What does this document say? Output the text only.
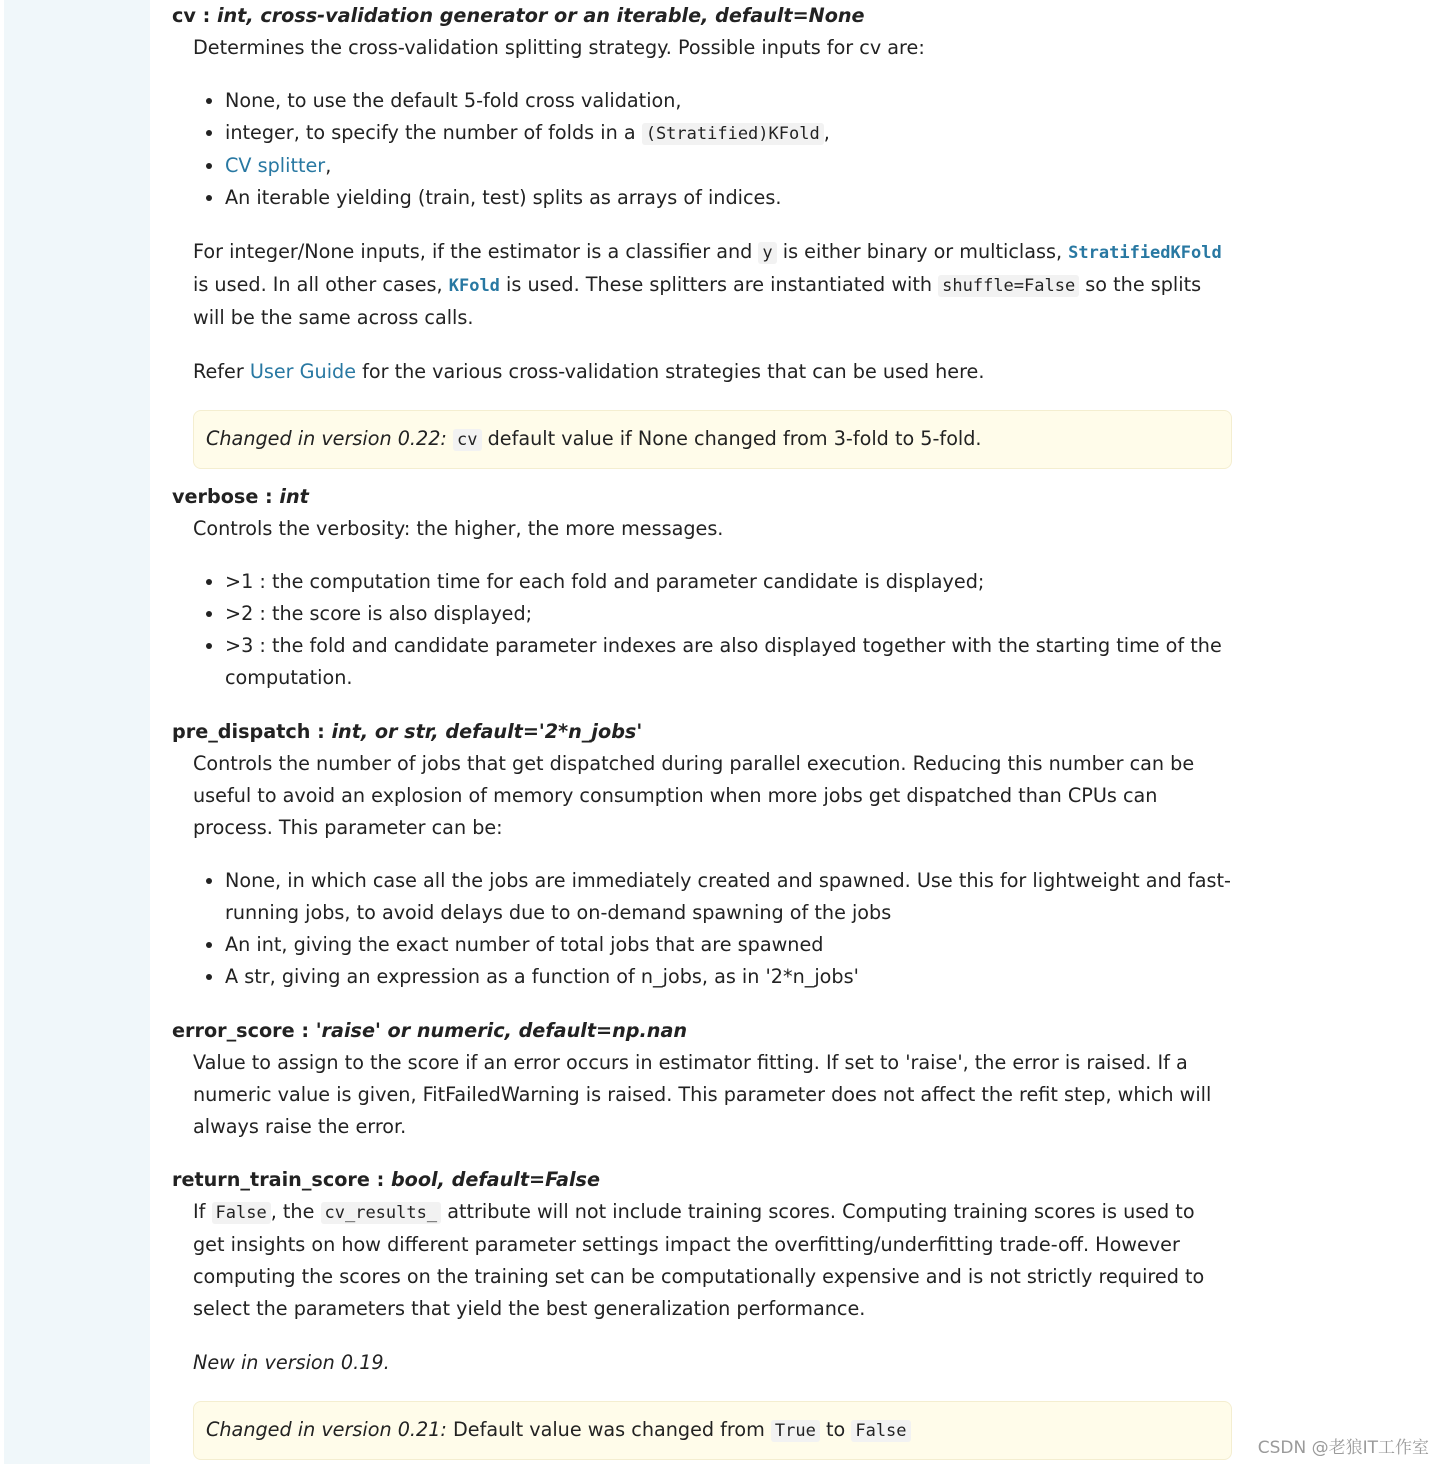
cv : int, cross-validation generator or an iterable, default=None

Determines the cross-validation splitting strategy. Possible inputs for cv are:

• None, to use the default 5-fold cross validation,
• integer, to specify the number of folds in a (Stratified)KFold ,
• CV splitter,
• An iterable yielding (train, test) splits as arrays of indices.

For integer/None inputs, if the estimator is a classifier and y is either binary or multiclass, StratifiedKFold is used. In all other cases, KFold is used. These splitters are instantiated with shuffle=False so the splits will be the same across calls.

Refer User Guide for the various cross-validation strategies that can be used here.

Changed in version 0.22: cv default value if None changed from 3-fold to 5-fold.
verbose : int

Controls the verbosity: the higher, the more messages.

• >1 : the computation time for each fold and parameter candidate is displayed;
• >2 : the score is also displayed;
• >3 : the fold and candidate parameter indexes are also displayed together with the starting time of the computation.
pre_dispatch : int, or str, default='2*n_jobs'

Controls the number of jobs that get dispatched during parallel execution. Reducing this number can be useful to avoid an explosion of memory consumption when more jobs get dispatched than CPUs can process. This parameter can be:

• None, in which case all the jobs are immediately created and spawned. Use this for lightweight and fast-running jobs, to avoid delays due to on-demand spawning of the jobs
• An int, giving the exact number of total jobs that are spawned
• A str, giving an expression as a function of n_jobs, as in '2*n_jobs'
error_score : 'raise' or numeric, default=np.nan

Value to assign to the score if an error occurs in estimator fitting. If set to 'raise', the error is raised. If a numeric value is given, FitFailedWarning is raised. This parameter does not affect the refit step, which will always raise the error.

return_train_score : bool, default=False

If False , the cv_results_ attribute will not include training scores. Computing training scores is used to get insights on how different parameter settings impact the overfitting/underfitting trade-off. However computing the scores on the training set can be computationally expensive and is not strictly required to select the parameters that yield the best generalization performance.

New in version 0.19.

Changed in version 0.21: Default value was changed from True to False
CSDN @老狼IT工作室
